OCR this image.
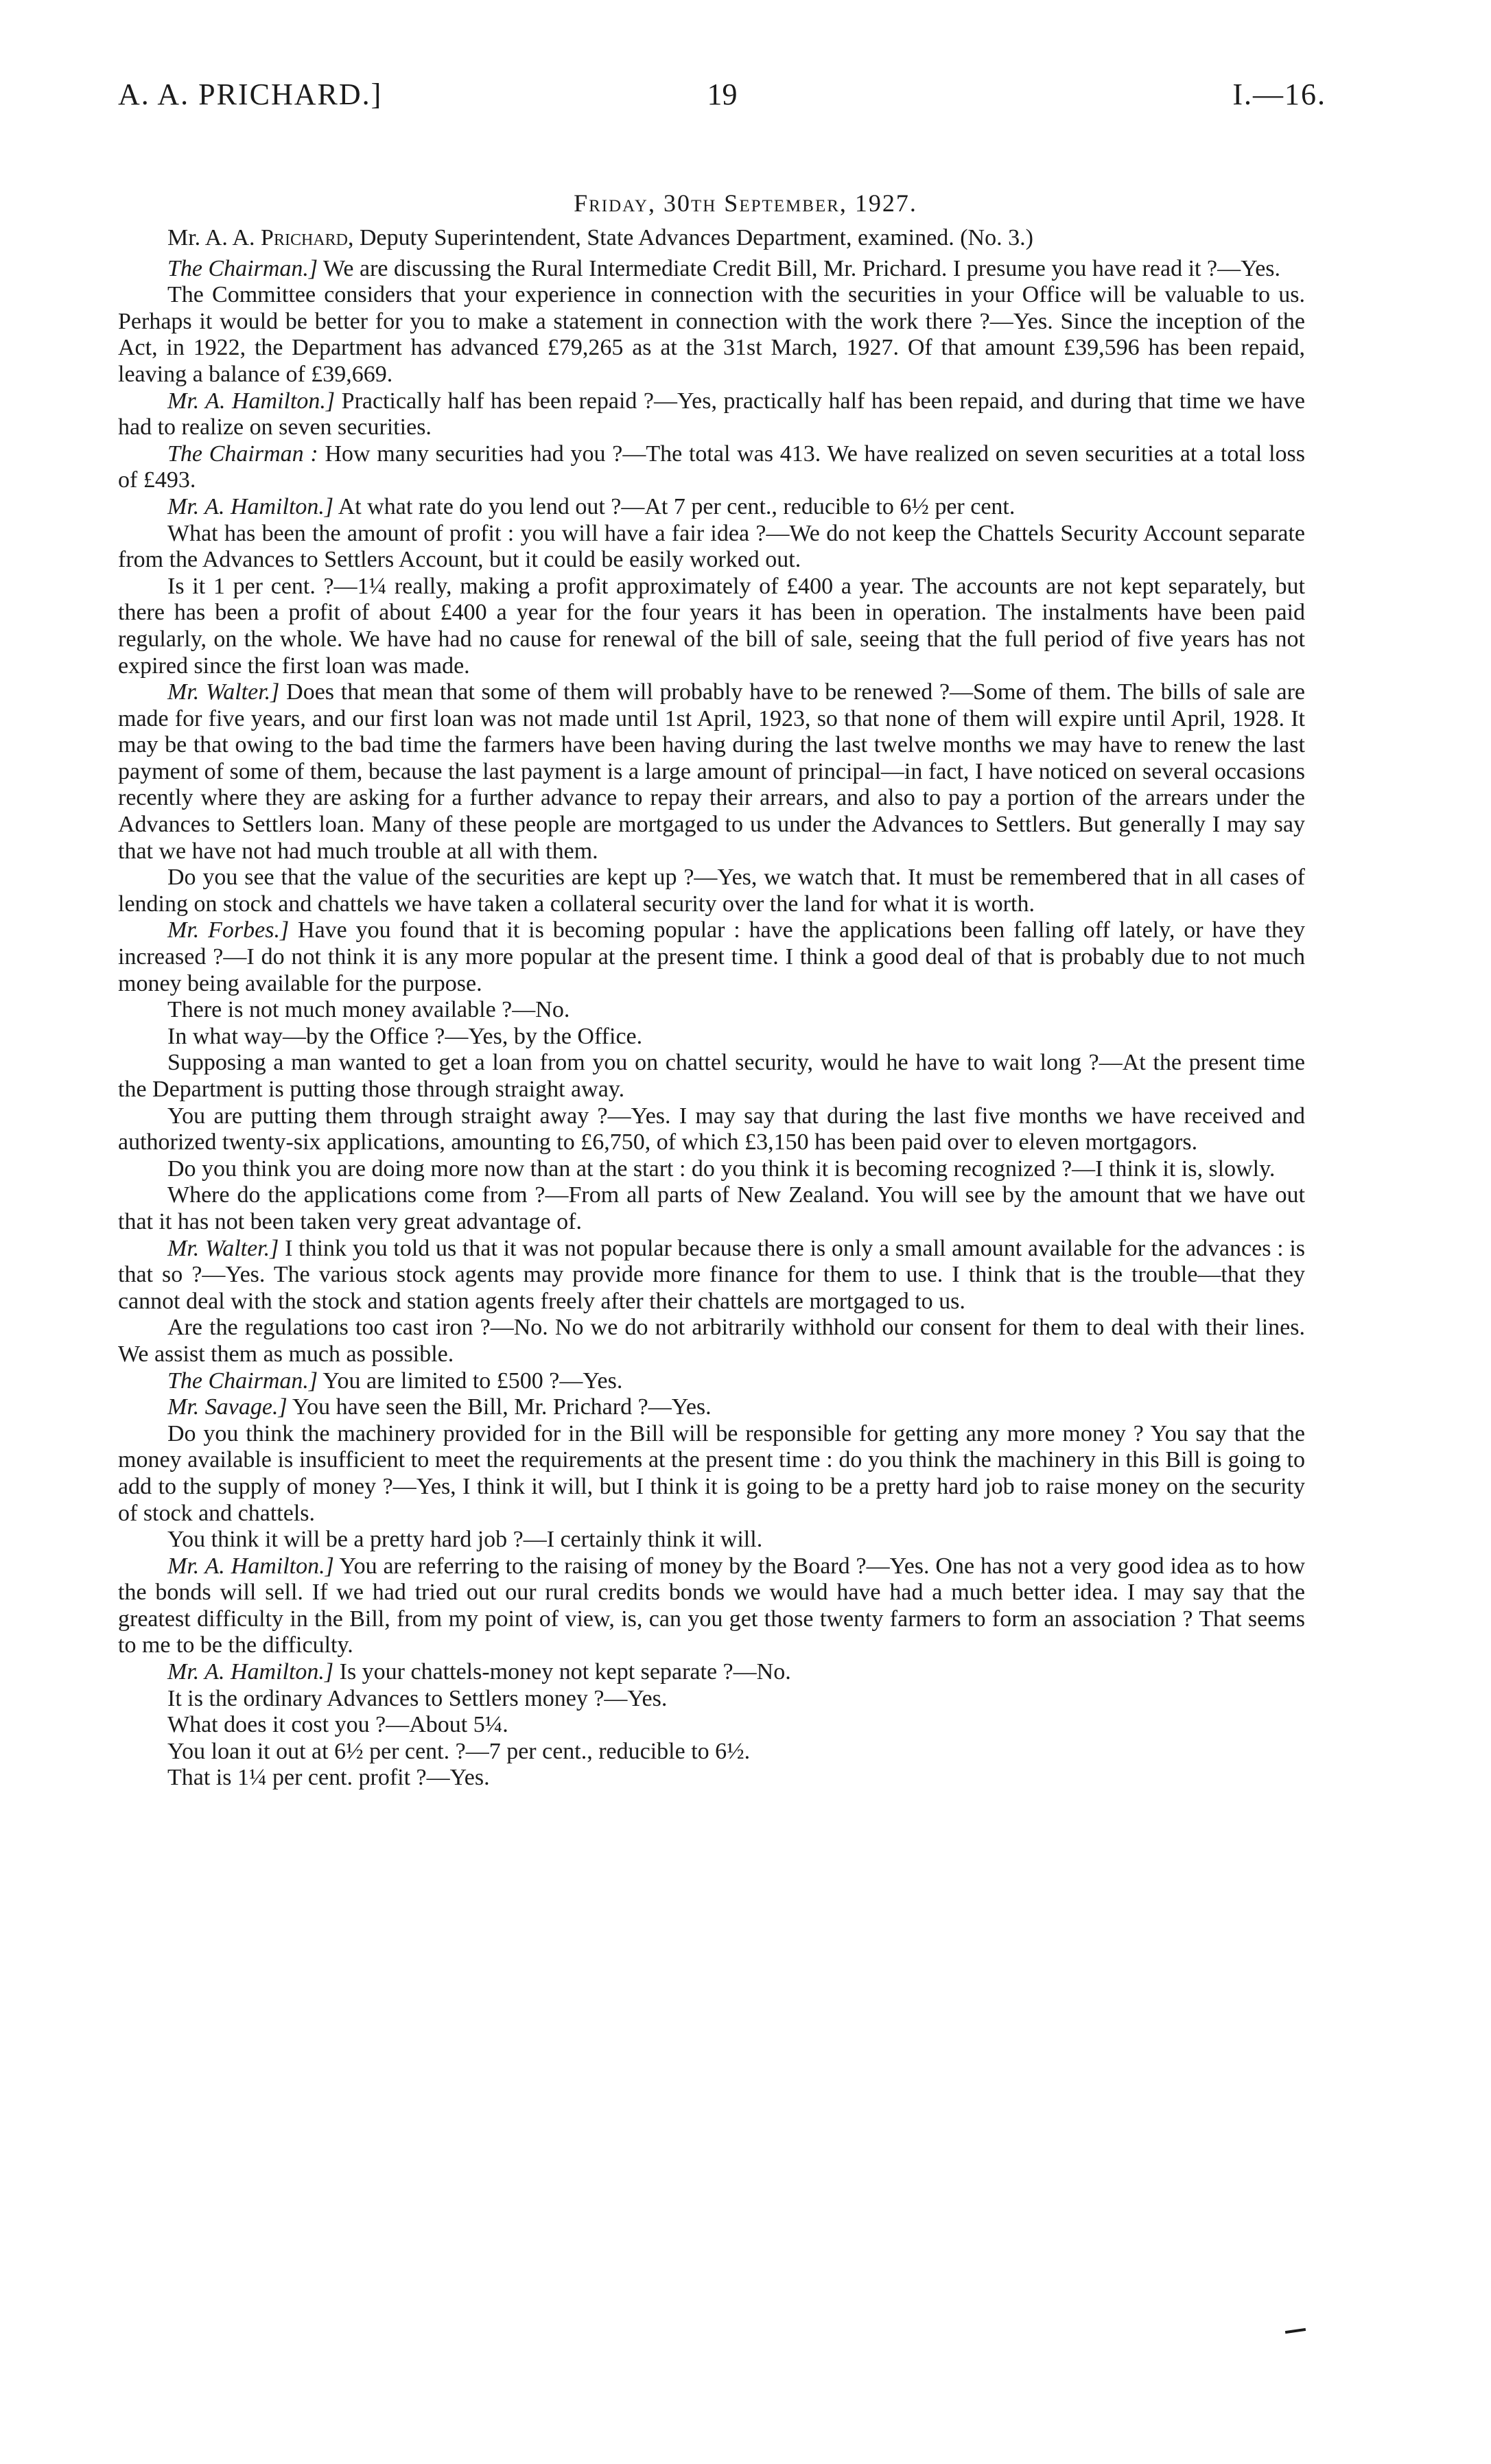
A. A. PRICHARD.]	19	I.—16.
Friday, 30th September, 1927.

Mr. A. A. Prichard, Deputy Superintendent, State Advances Department, examined. (No. 3.)

The Chairman.] We are discussing the Rural Intermediate Credit Bill, Mr. Prichard. I presume you have read it ?—Yes.

The Committee considers that your experience in connection with the securities in your Office will be valuable to us. Perhaps it would be better for you to make a statement in connection with the work there ?—Yes. Since the inception of the Act, in 1922, the Department has advanced £79,265 as at the 31st March, 1927. Of that amount £39,596 has been repaid, leaving a balance of £39,669.

Mr. A. Hamilton.] Practically half has been repaid ?—Yes, practically half has been repaid, and during that time we have had to realize on seven securities.

The Chairman : How many securities had you ?—The total was 413. We have realized on seven securities at a total loss of £493.

Mr. A. Hamilton.] At what rate do you lend out ?—At 7 per cent., reducible to 6½ per cent.

What has been the amount of profit : you will have a fair idea ?—We do not keep the Chattels Security Account separate from the Advances to Settlers Account, but it could be easily worked out.

Is it 1 per cent. ?—1¼ really, making a profit approximately of £400 a year. The accounts are not kept separately, but there has been a profit of about £400 a year for the four years it has been in operation. The instalments have been paid regularly, on the whole. We have had no cause for renewal of the bill of sale, seeing that the full period of five years has not expired since the first loan was made.

Mr. Walter.] Does that mean that some of them will probably have to be renewed ?—Some of them. The bills of sale are made for five years, and our first loan was not made until 1st April, 1923, so that none of them will expire until April, 1928. It may be that owing to the bad time the farmers have been having during the last twelve months we may have to renew the last payment of some of them, because the last payment is a large amount of principal—in fact, I have noticed on several occasions recently where they are asking for a further advance to repay their arrears, and also to pay a portion of the arrears under the Advances to Settlers loan. Many of these people are mortgaged to us under the Advances to Settlers. But generally I may say that we have not had much trouble at all with them.

Do you see that the value of the securities are kept up ?—Yes, we watch that. It must be remembered that in all cases of lending on stock and chattels we have taken a collateral security over the land for what it is worth.

Mr. Forbes.] Have you found that it is becoming popular : have the applications been falling off lately, or have they increased ?—I do not think it is any more popular at the present time. I think a good deal of that is probably due to not much money being available for the purpose.

There is not much money available ?—No.

In what way—by the Office ?—Yes, by the Office.

Supposing a man wanted to get a loan from you on chattel security, would he have to wait long ?—At the present time the Department is putting those through straight away.

You are putting them through straight away ?—Yes. I may say that during the last five months we have received and authorized twenty-six applications, amounting to £6,750, of which £3,150 has been paid over to eleven mortgagors.

Do you think you are doing more now than at the start : do you think it is becoming recognized ?—I think it is, slowly.

Where do the applications come from ?—From all parts of New Zealand. You will see by the amount that we have out that it has not been taken very great advantage of.

Mr. Walter.] I think you told us that it was not popular because there is only a small amount available for the advances : is that so ?—Yes. The various stock agents may provide more finance for them to use. I think that is the trouble—that they cannot deal with the stock and station agents freely after their chattels are mortgaged to us.

Are the regulations too cast iron ?—No. No we do not arbitrarily withhold our consent for them to deal with their lines. We assist them as much as possible.

The Chairman.] You are limited to £500 ?—Yes.

Mr. Savage.] You have seen the Bill, Mr. Prichard ?—Yes.

Do you think the machinery provided for in the Bill will be responsible for getting any more money ? You say that the money available is insufficient to meet the requirements at the present time : do you think the machinery in this Bill is going to add to the supply of money ?—Yes, I think it will, but I think it is going to be a pretty hard job to raise money on the security of stock and chattels.

You think it will be a pretty hard job ?—I certainly think it will.

Mr. A. Hamilton.] You are referring to the raising of money by the Board ?—Yes. One has not a very good idea as to how the bonds will sell. If we had tried out our rural credits bonds we would have had a much better idea. I may say that the greatest difficulty in the Bill, from my point of view, is, can you get those twenty farmers to form an association ? That seems to me to be the difficulty.

Mr. A. Hamilton.] Is your chattels-money not kept separate ?—No.

It is the ordinary Advances to Settlers money ?—Yes.

What does it cost you ?—About 5¼.

You loan it out at 6½ per cent. ?—7 per cent., reducible to 6½.

That is 1¼ per cent. profit ?—Yes.
